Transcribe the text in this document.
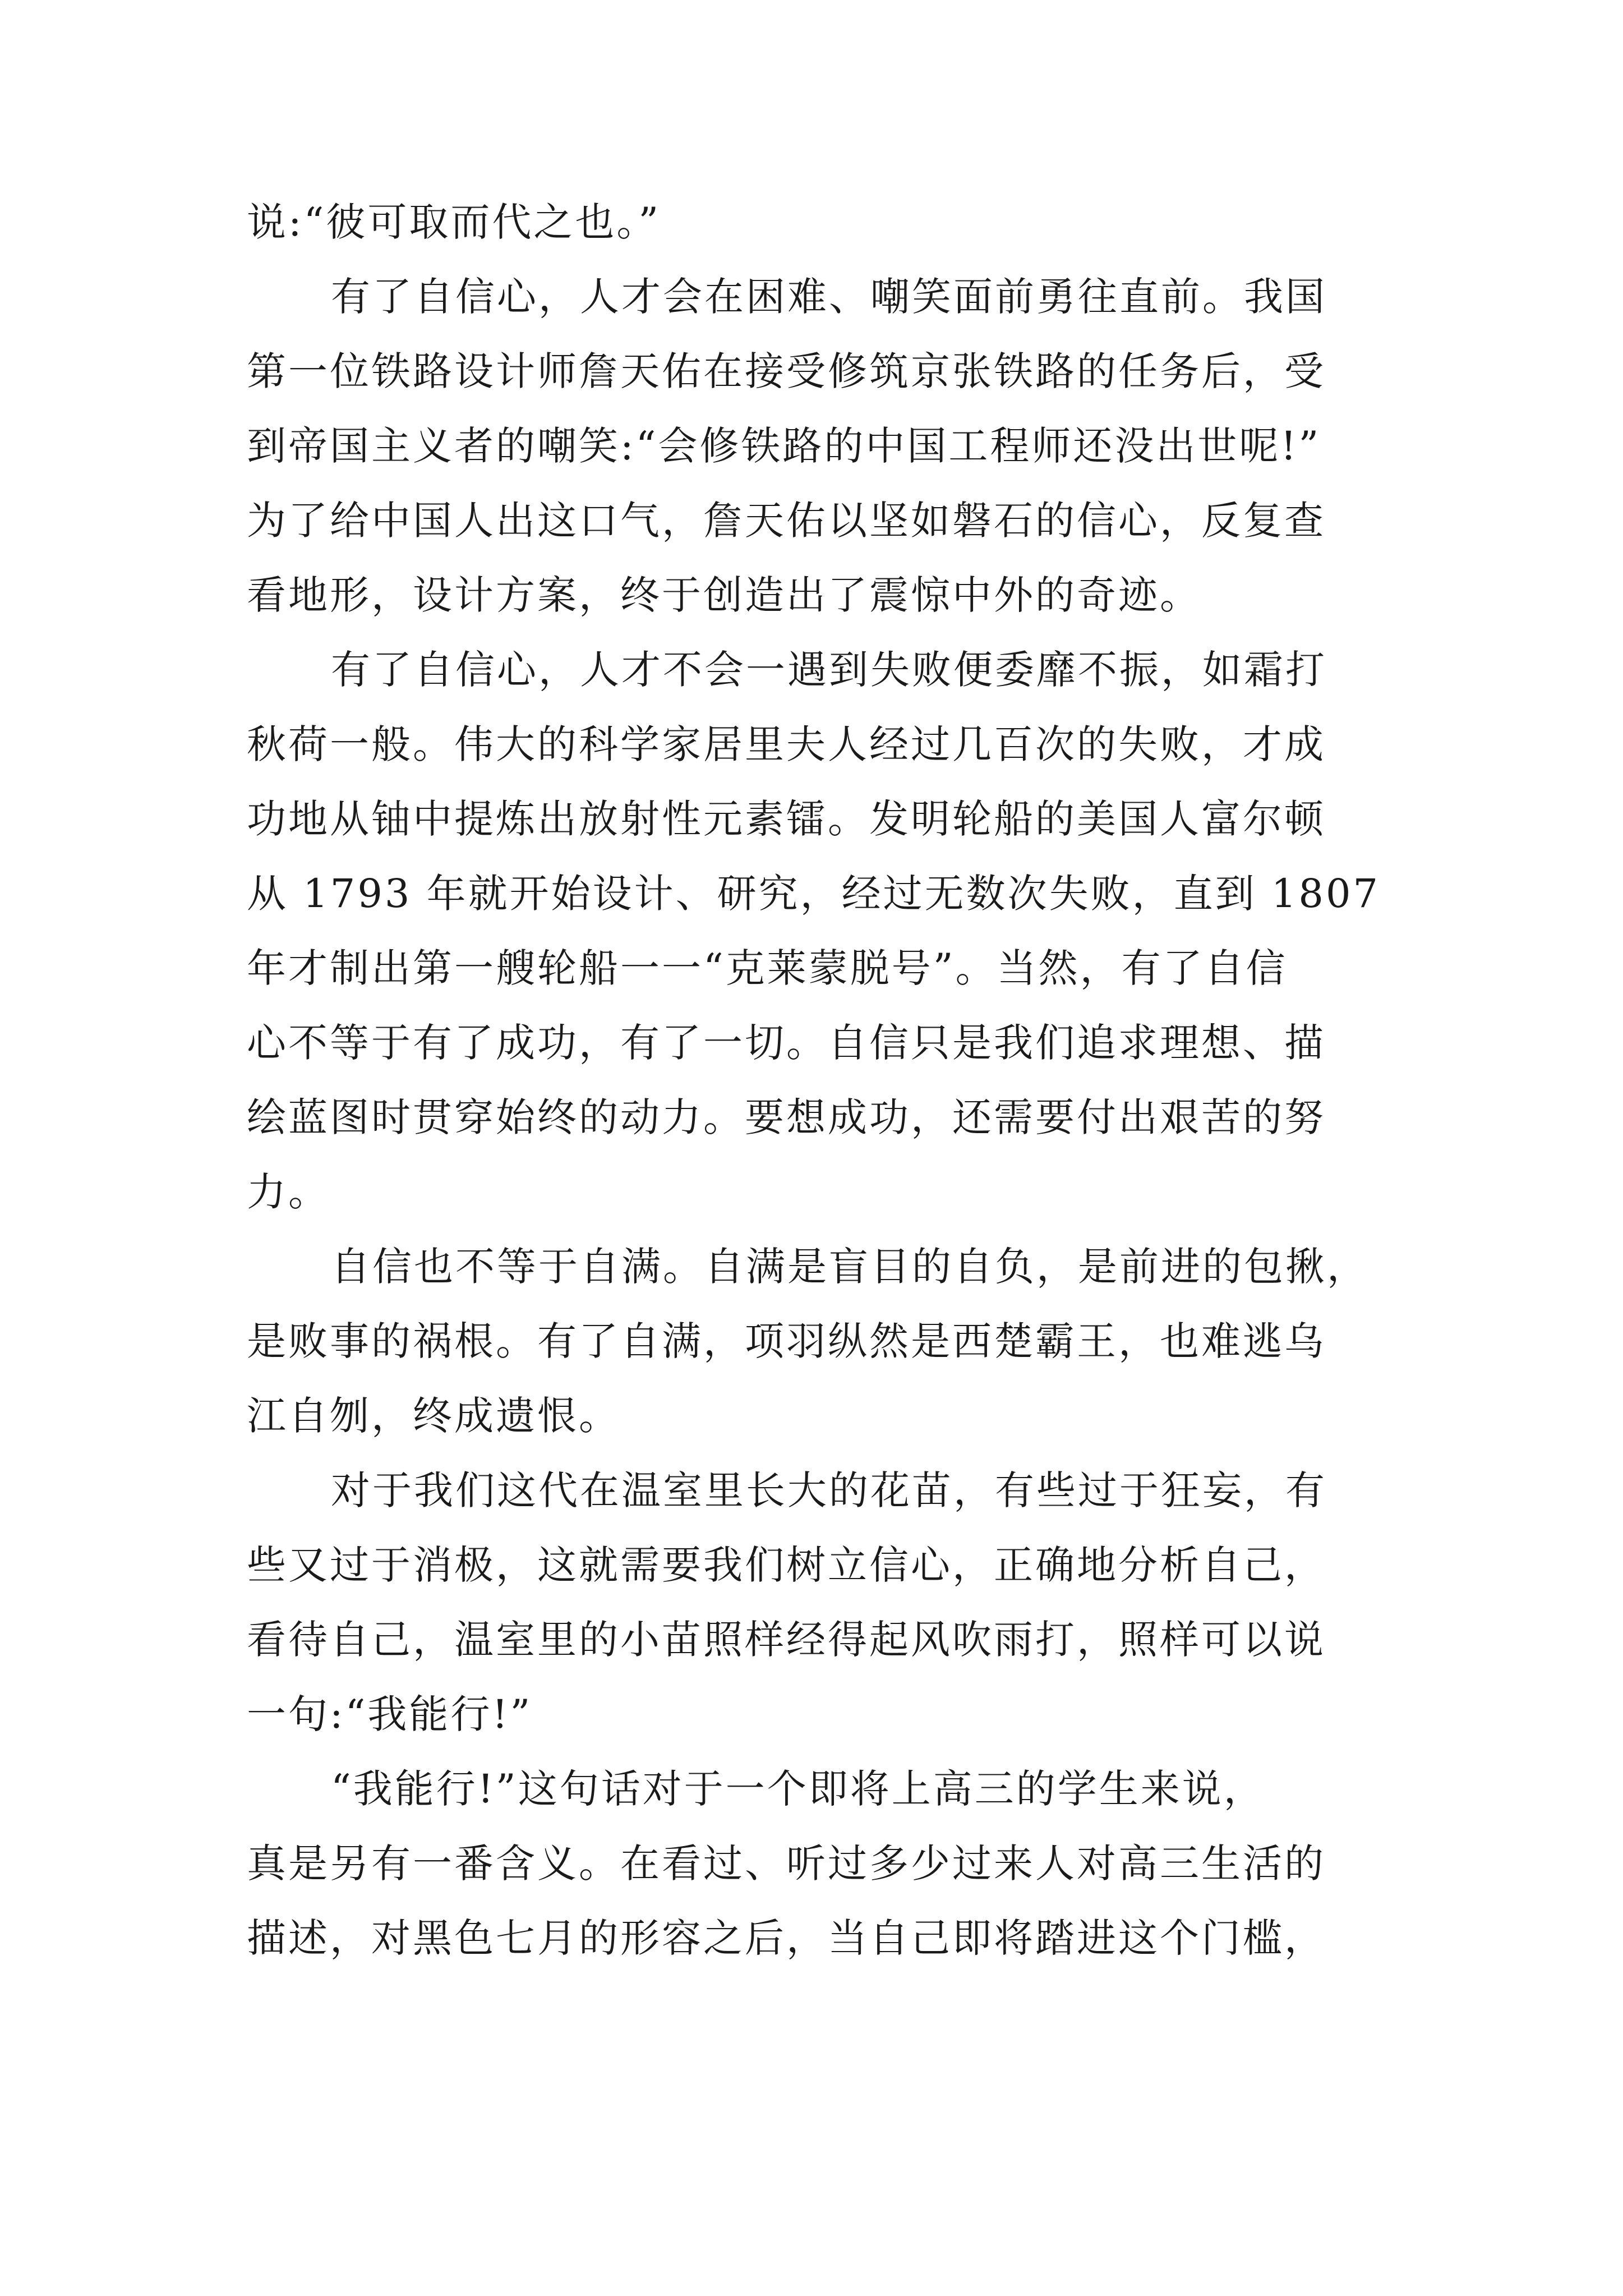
说:“彼可取而代之也。”
有了自信心，人才会在困难、嘲笑面前勇往直前。我国
第一位铁路设计师詹天佑在接受修筑京张铁路的任务后，受
到帝国主义者的嘲笑:“会修铁路的中国工程师还没出世呢!”
为了给中国人出这口气，詹天佑以坚如磐石的信心，反复查
看地形，设计方案，终于创造出了震惊中外的奇迹。
有了自信心，人才不会一遇到失败便委靡不振，如霜打
秋荷一般。伟大的科学家居里夫人经过几百次的失败，才成
功地从铀中提炼出放射性元素镭。发明轮船的美国人富尔顿
从 1793 年就开始设计、研究，经过无数次失败，直到 1807
年才制出第一艘轮船一一“克莱蒙脱号”。当然，有了自信
心不等于有了成功，有了一切。自信只是我们追求理想、描
绘蓝图时贯穿始终的动力。要想成功，还需要付出艰苦的努
力。
自信也不等于自满。自满是盲目的自负，是前进的包揪，
是败事的祸根。有了自满，项羽纵然是西楚霸王，也难逃乌
江自刎，终成遗恨。
对于我们这代在温室里长大的花苗，有些过于狂妄，有
些又过于消极，这就需要我们树立信心，正确地分析自己，
看待自己，温室里的小苗照样经得起风吹雨打，照样可以说
一句:“我能行!”
“我能行!”这句话对于一个即将上高三的学生来说，
真是另有一番含义。在看过、听过多少过来人对高三生活的
描述，对黑色七月的形容之后，当自己即将踏进这个门槛，
